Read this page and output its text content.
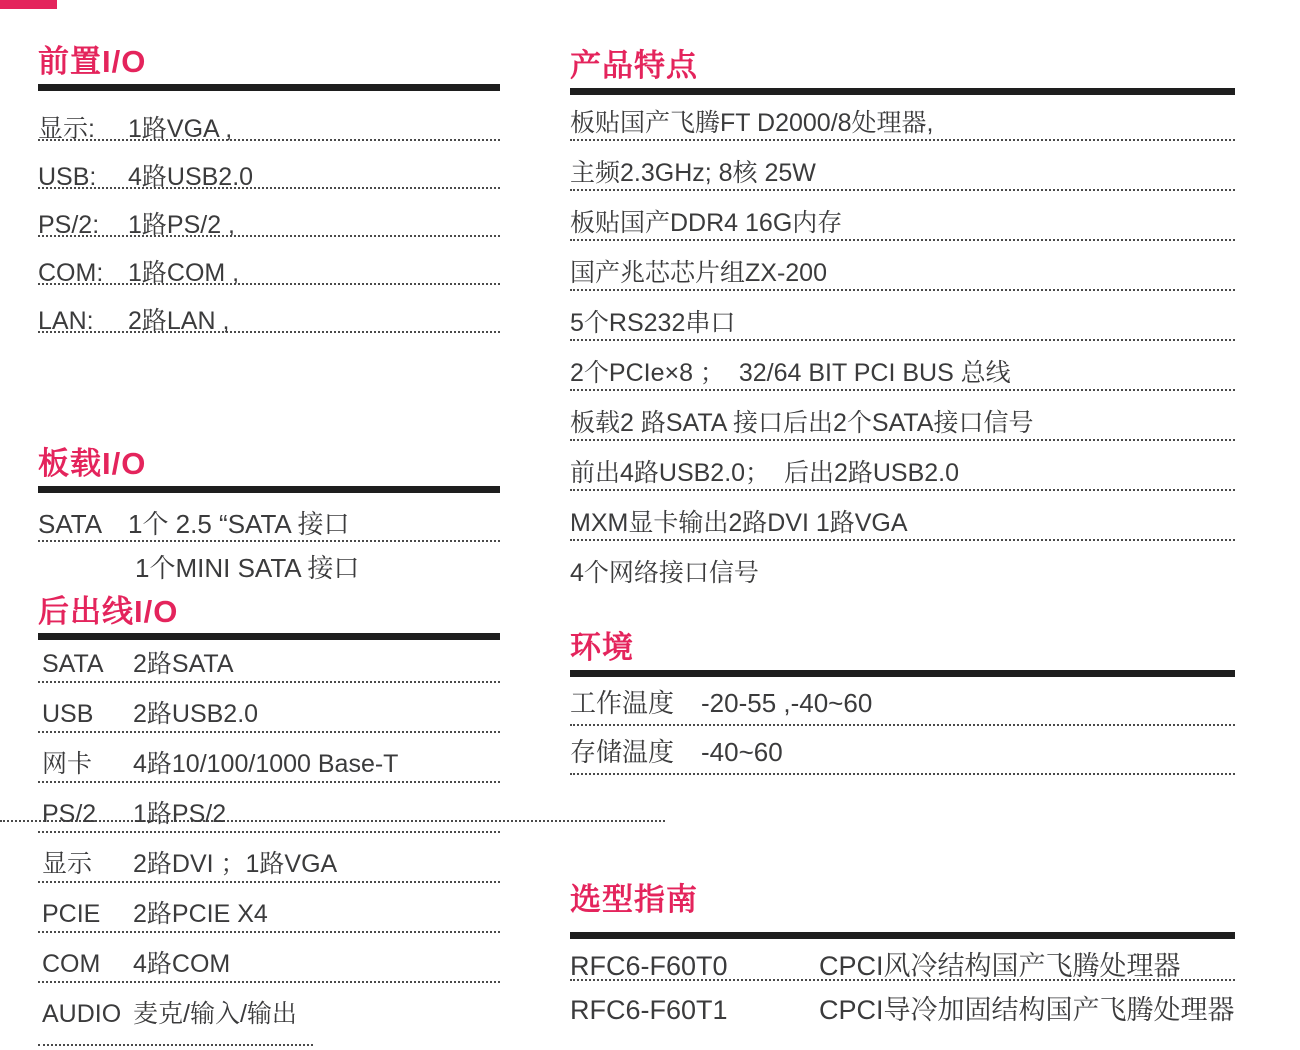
前置I/O
显示: 1路VGA ,
USB: 4路USB2.0
PS/2: 1路PS/2 ,
COM: 1路COM ,
LAN: 2路LAN ,
板载I/O
SATA 1个 2.5 “SATA 接口
1个MINI SATA 接口
后出线I/O
SATA 2路SATA
USB 2路USB2.0
网卡 4路10/100/1000 Base-T
PS/2 1路PS/2
显示 2路DVI ；1路VGA
PCIE 2路PCIE X4
COM 4路COM
AUDIO 麦克/输入/输出
产品特点
板贴国产飞腾FT D2000/8处理器,
主频2.3GHz; 8核 25W
板贴国产DDR4 16G内存
国产兆芯芯片组ZX-200
5个RS232串口
2个PCIe×8 ；  32/64 BIT PCI BUS 总线
板载2 路SATA 接口后出2个SATA接口信号
前出4路USB2.0；  后出2路USB2.0
MXM显卡输出2路DVI 1路VGA
4个网络接口信号
环境
工作温度 -20-55 ,-40~60
存储温度 -40~60
选型指南
RFC6-F60T0	CPCI风冷结构国产飞腾处理器
RFC6-F60T1	CPCI导冷加固结构国产飞腾处理器
